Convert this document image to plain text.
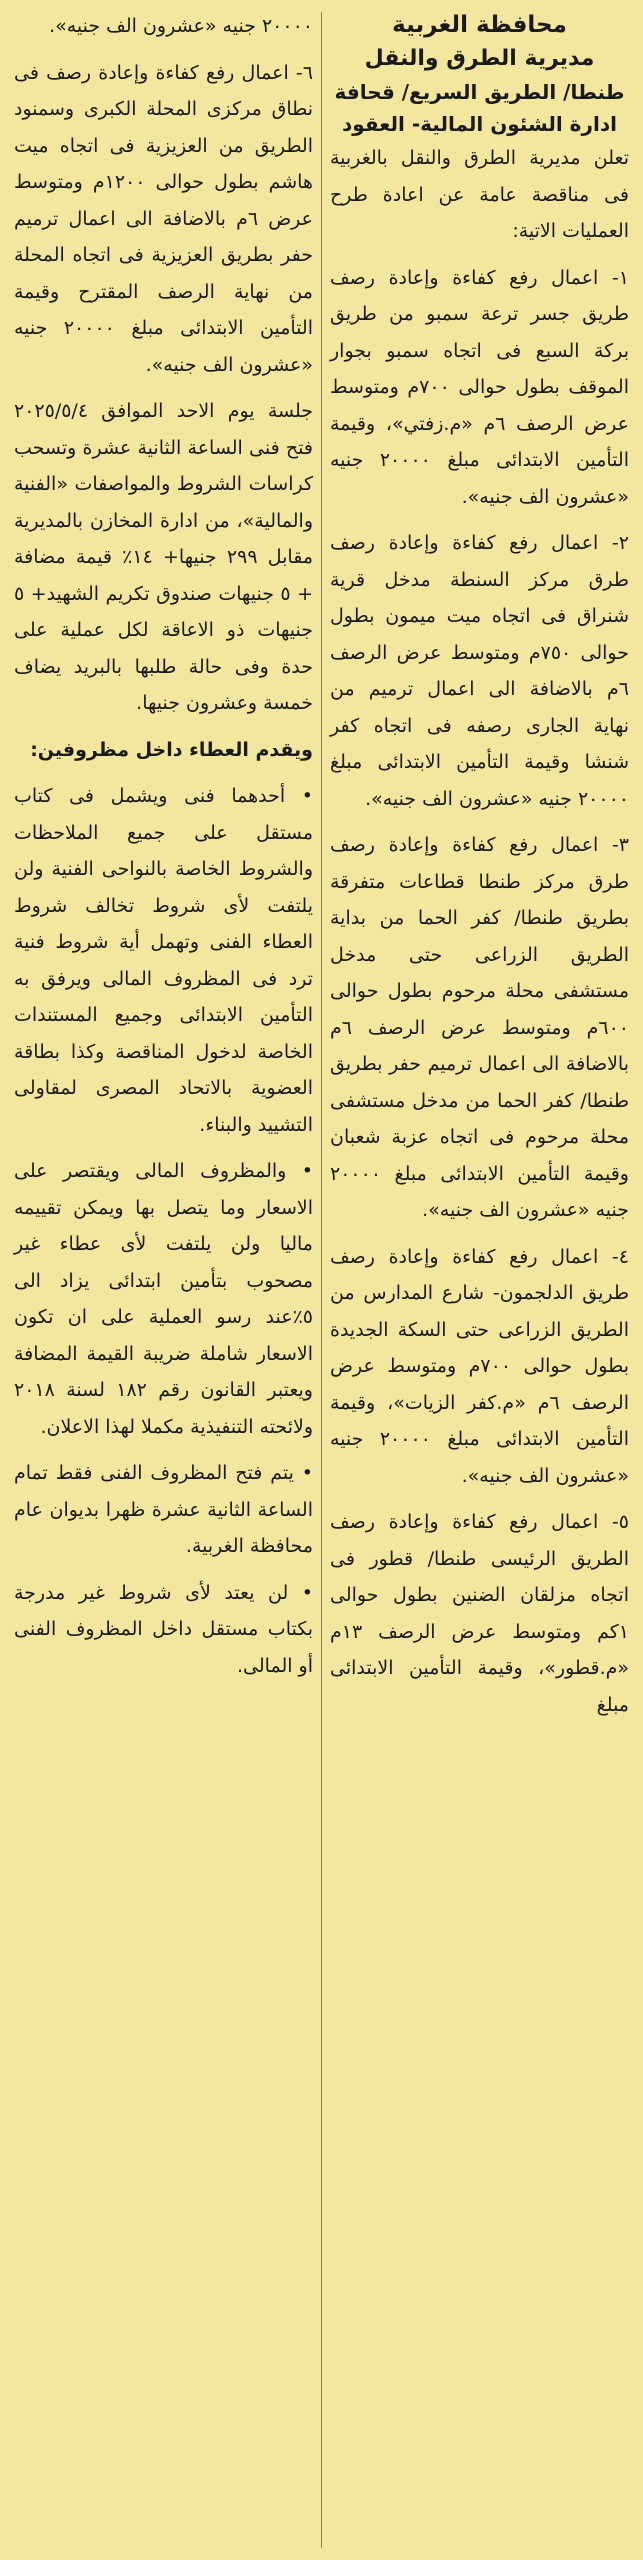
محافظة الغربية
مديرية الطرق والنقل
طنطا/ الطريق السريع/ قحافة
ادارة الشئون المالية- العقود

تعلن مديرية الطرق والنقل بالغربية فى مناقصة عامة عن اعادة طرح العمليات الاتية:

١- اعمال رفع كفاءة وإعادة رصف طريق جسر ترعة سمبو من طريق بركة السبع فى اتجاه سمبو بجوار الموقف بطول حوالى ٧٠٠م ومتوسط عرض الرصف ٦م «م.زفتي»، وقيمة التأمين الابتدائى مبلغ ٢٠٠٠٠ جنيه «عشرون الف جنيه».

٢- اعمال رفع كفاءة وإعادة رصف طرق مركز السنطة مدخل قرية شنراق فى اتجاه ميت ميمون بطول حوالى ٧٥٠م ومتوسط عرض الرصف ٦م بالاضافة الى اعمال ترميم من نهاية الجارى رصفه فى اتجاه كفر شنشا وقيمة التأمين الابتدائى مبلغ ٢٠٠٠٠ جنيه «عشرون الف جنيه».

٣- اعمال رفع كفاءة وإعادة رصف طرق مركز طنطا قطاعات متفرقة بطريق طنطا/ كفر الحما من بداية الطريق الزراعى حتى مدخل مستشفى محلة مرحوم بطول حوالى ٦٠٠م ومتوسط عرض الرصف ٦م بالاضافة الى اعمال ترميم حفر بطريق طنطا/ كفر الحما من مدخل مستشفى محلة مرحوم فى اتجاه عزبة شعبان وقيمة التأمين الابتدائى مبلغ ٢٠٠٠٠ جنيه «عشرون الف جنيه».

٤- اعمال رفع كفاءة وإعادة رصف طريق الدلجمون- شارع المدارس من الطريق الزراعى حتى السكة الجديدة بطول حوالى ٧٠٠م ومتوسط عرض الرصف ٦م «م.كفر الزيات»، وقيمة التأمين الابتدائى مبلغ ٢٠٠٠٠ جنيه «عشرون الف جنيه».

٥- اعمال رفع كفاءة وإعادة رصف الطريق الرئيسى طنطا/ قطور فى اتجاه مزلقان الضنين بطول حوالى ١كم ومتوسط عرض الرصف ١٣م «م.قطور»، وقيمة التأمين الابتدائى مبلغ

٢٠٠٠٠ جنيه «عشرون الف جنيه».

٦- اعمال رفع كفاءة وإعادة رصف فى نطاق مركزى المحلة الكبرى وسمنود الطريق من العزيزية فى اتجاه ميت هاشم بطول حوالى ١٢٠٠م ومتوسط عرض ٦م بالاضافة الى اعمال ترميم حفر بطريق العزيزية فى اتجاه المحلة من نهاية الرصف المقترح وقيمة التأمين الابتدائى مبلغ ٢٠٠٠٠ جنيه «عشرون الف جنيه».

جلسة يوم الاحد الموافق ٢٠٢٥/٥/٤ فتح فنى الساعة الثانية عشرة وتسحب كراسات الشروط والمواصفات «الفنية والمالية»، من ادارة المخازن بالمديرية مقابل ٢٩٩ جنيها+ ١٤٪ قيمة مضافة + ٥ جنيهات صندوق تكريم الشهيد+ ٥ جنيهات ذو الاعاقة لكل عملية على حدة وفى حالة طلبها بالبريد يضاف خمسة وعشرون جنيها.

ويقدم العطاء داخل مظروفين:

• أحدهما فنى ويشمل فى كتاب مستقل على جميع الملاحظات والشروط الخاصة بالنواحى الفنية ولن يلتفت لأى شروط تخالف شروط العطاء الفنى وتهمل أية شروط فنية ترد فى المظروف المالى ويرفق به التأمين الابتدائى وجميع المستندات الخاصة لدخول المناقصة وكذا بطاقة العضوية بالاتحاد المصرى لمقاولى التشييد والبناء.

• والمظروف المالى ويقتصر على الاسعار وما يتصل بها ويمكن تقييمه ماليا ولن يلتفت لأى عطاء غير مصحوب بتأمين ابتدائى يزاد الى ٥٪عند رسو العملية على ان تكون الاسعار شاملة ضريبة القيمة المضافة ويعتبر القانون رقم ١٨٢ لسنة ٢٠١٨ ولائحته التنفيذية مكملا لهذا الاعلان.

• يتم فتح المظروف الفنى فقط تمام الساعة الثانية عشرة ظهرا بديوان عام محافظة الغربية.

• لن يعتد لأى شروط غير مدرجة بكتاب مستقل داخل المظروف الفنى أو المالى.
